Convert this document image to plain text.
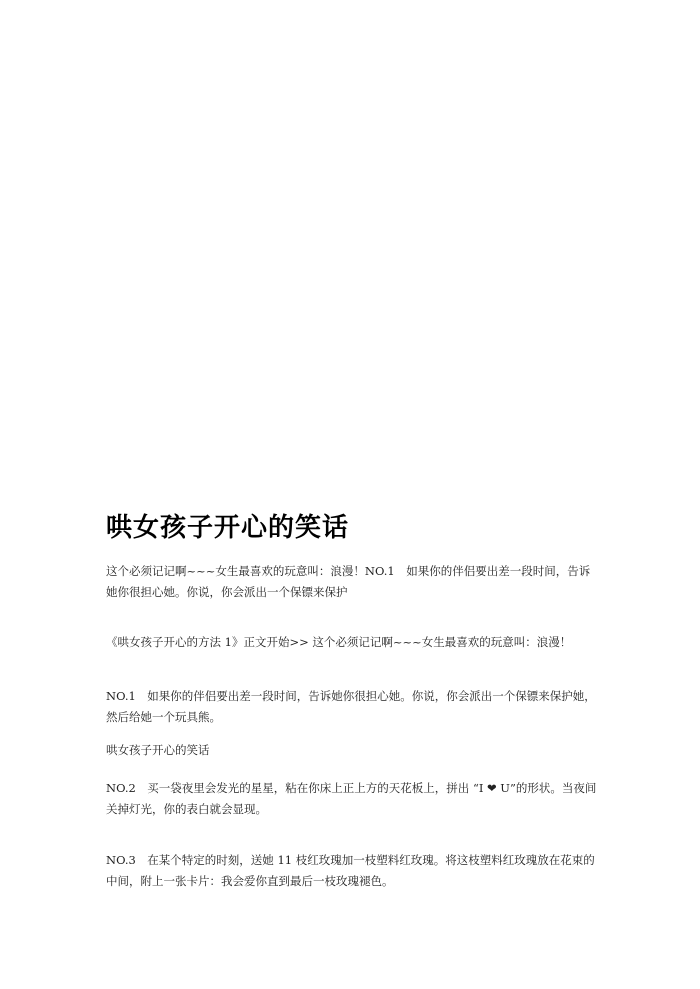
哄女孩子开心的笑话
这个必须记记啊~~~女生最喜欢的玩意叫：浪漫！NO.1　如果你的伴侣要出差一段时间，告诉她你很担心她。你说，你会派出一个保镖来保护
《哄女孩子开心的方法 1》正文开始>> 这个必须记记啊~~~女生最喜欢的玩意叫：浪漫！
NO.1　如果你的伴侣要出差一段时间，告诉她你很担心她。你说，你会派出一个保镖来保护她，然后给她一个玩具熊。
哄女孩子开心的笑话
NO.2　买一袋夜里会发光的星星，粘在你床上正上方的天花板上，拼出 “I ❤ U”的形状。当夜间关掉灯光，你的表白就会显现。
NO.3　在某个特定的时刻，送她 11 枝红玫瑰加一枝塑料红玫瑰。将这枝塑料红玫瑰放在花束的中间，附上一张卡片：我会爱你直到最后一枝玫瑰褪色。
